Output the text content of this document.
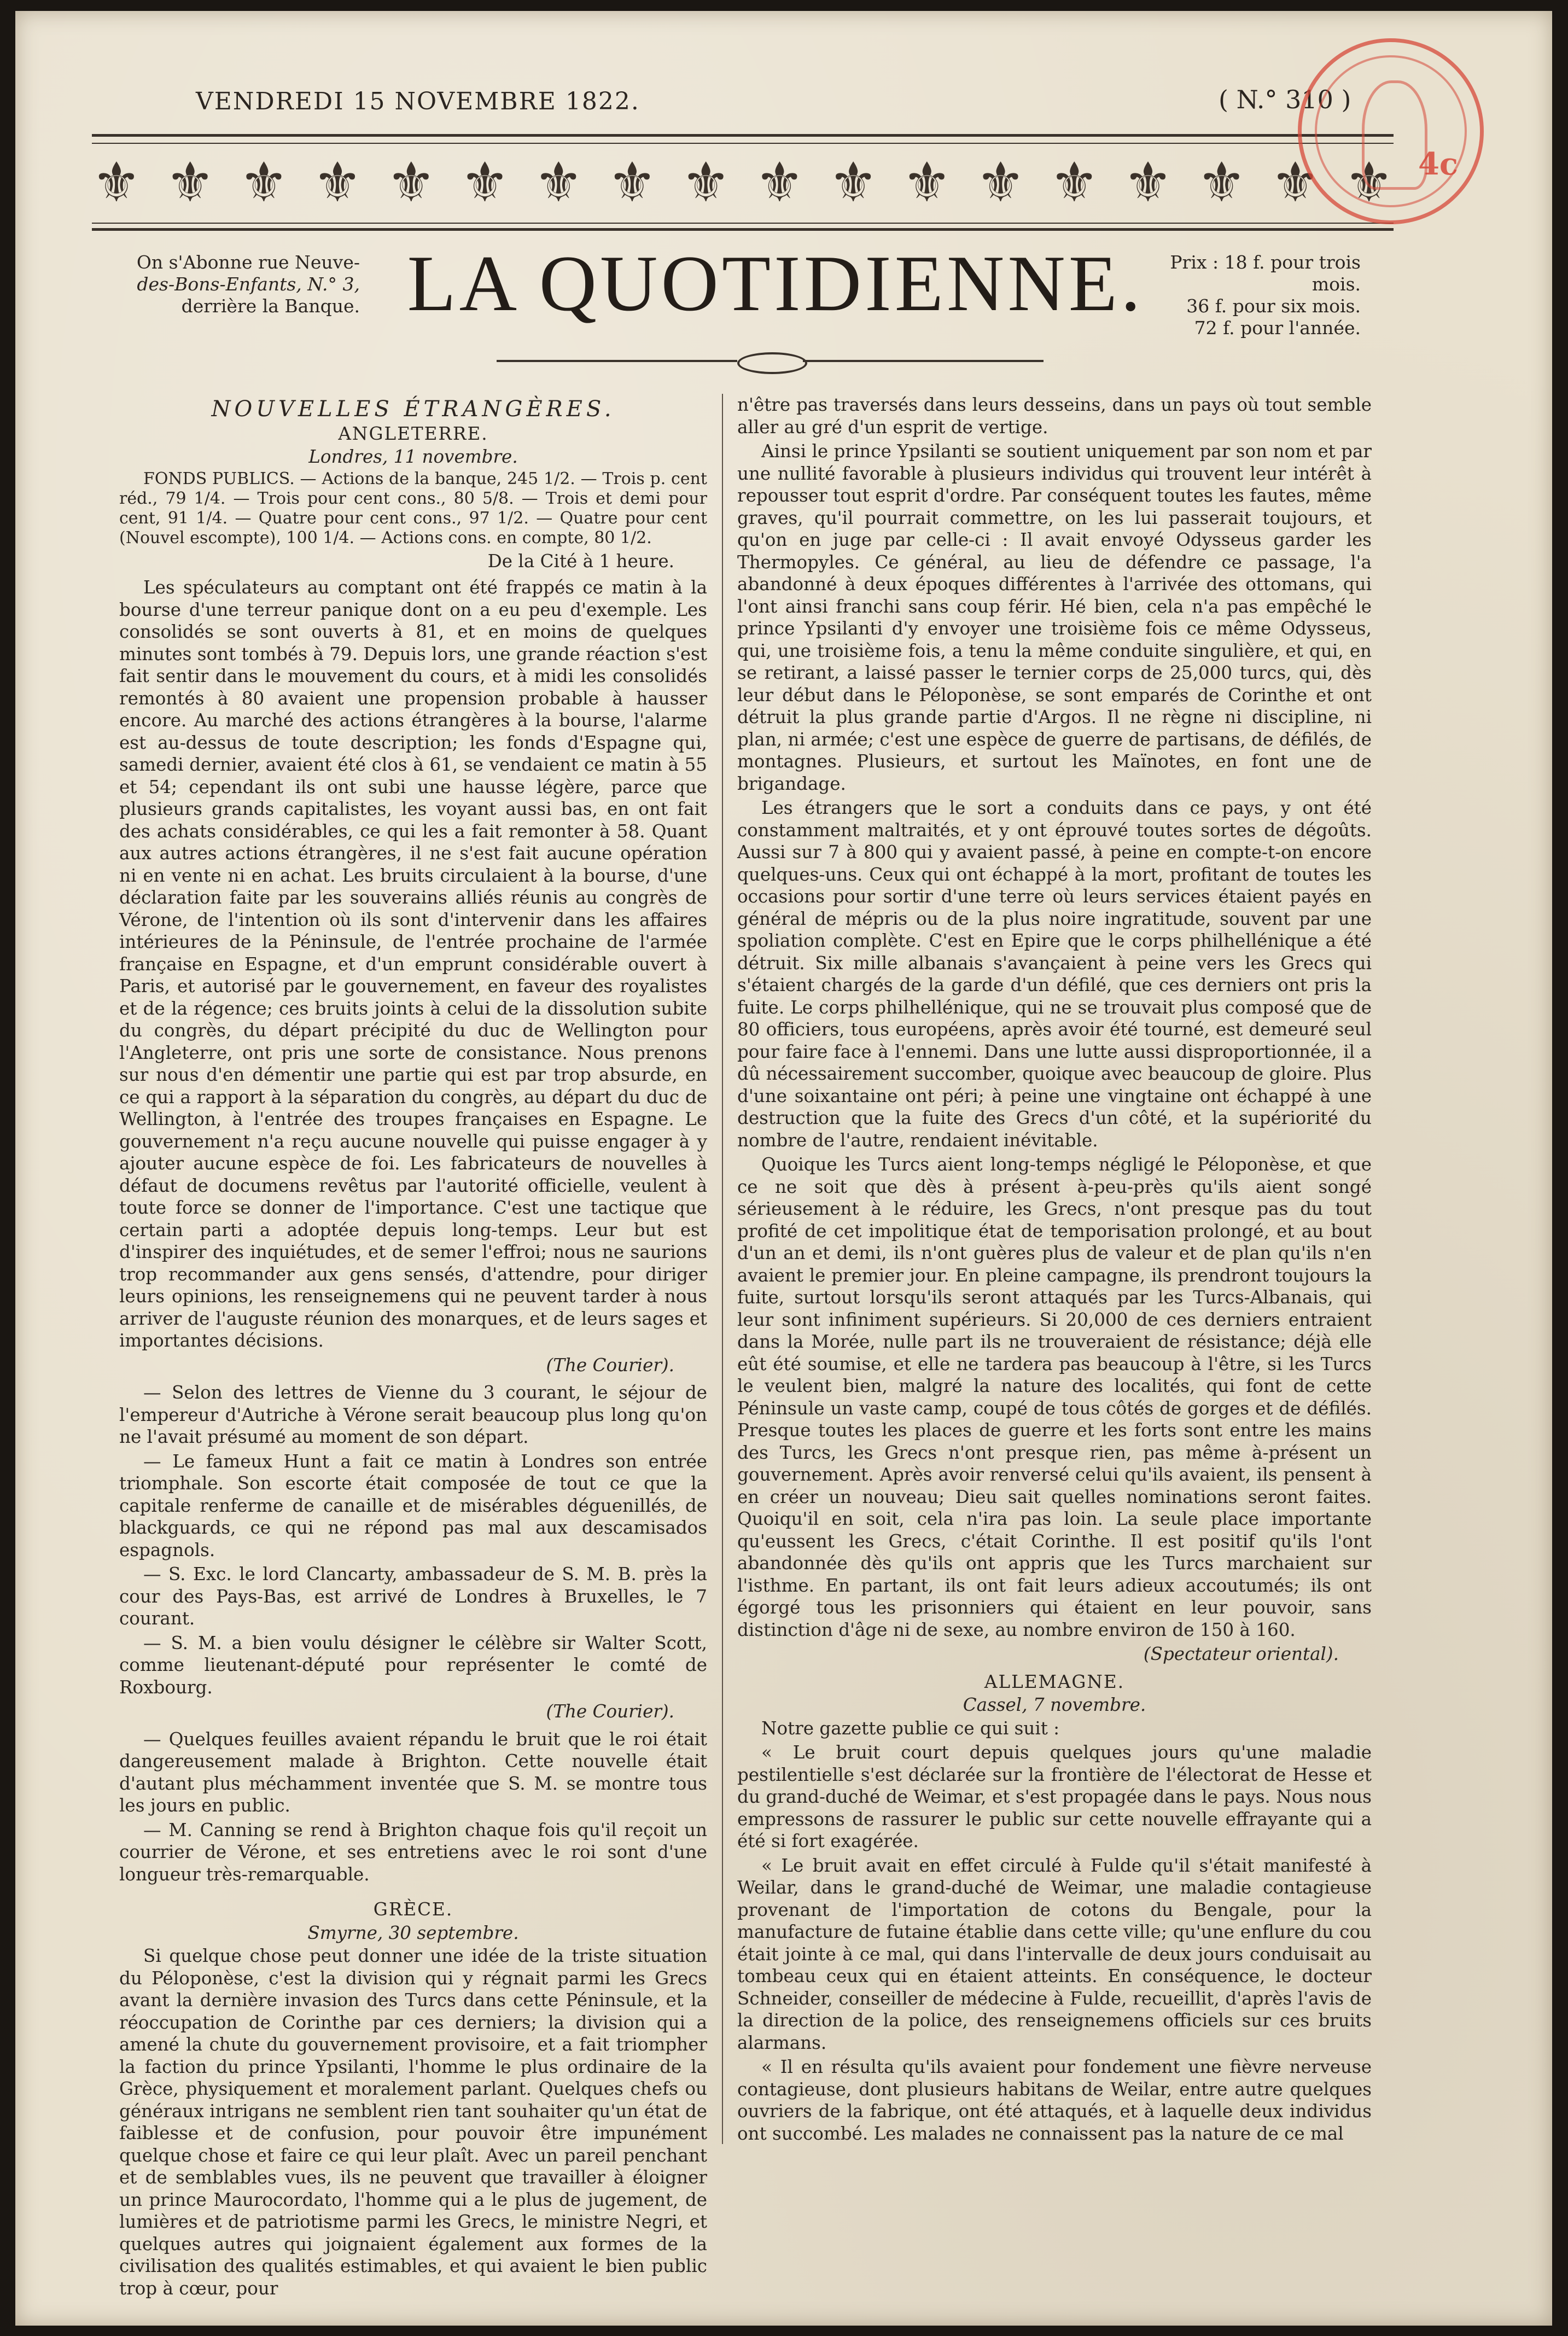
VENDREDI 15 NOVEMBRE 1822.	( N.° 310 )
⚜ ⚜ ⚜ ⚜ ⚜ ⚜ ⚜ ⚜ ⚜ ⚜ ⚜ ⚜ ⚜ ⚜ ⚜ ⚜ ⚜ ⚜ 4c
On s'Abonne rue Neuve-
des-Bons-Enfants, N.° 3,
derrière la Banque. LA QUOTIDIENNE.	Prix : 18 f. pour trois mois.
36 f. pour six mois.
72 f. pour l'année.
NOUVELLES ÉTRANGÈRES.
ANGLETERRE.
Londres, 11 novembre.

FONDS PUBLICS. — Actions de la banque, 245 1/2. — Trois p. cent réd., 79 1/4. — Trois pour cent cons., 80 5/8. — Trois et demi pour cent, 91 1/4. — Quatre pour cent cons., 97 1/2. — Quatre pour cent (Nouvel escompte), 100 1/4. — Actions cons. en compte, 80 1/2.

De la Cité à 1 heure.

Les spéculateurs au comptant ont été frappés ce matin à la bourse d'une terreur panique dont on a eu peu d'exemple. Les consolidés se sont ouverts à 81, et en moins de quelques minutes sont tombés à 79. Depuis lors, une grande réaction s'est fait sentir dans le mouvement du cours, et à midi les consolidés remontés à 80 avaient une propension probable à hausser encore. Au marché des actions étrangères à la bourse, l'alarme est au-dessus de toute description; les fonds d'Espagne qui, samedi dernier, avaient été clos à 61, se vendaient ce matin à 55 et 54; cependant ils ont subi une hausse légère, parce que plusieurs grands capitalistes, les voyant aussi bas, en ont fait des achats considérables, ce qui les a fait remonter à 58. Quant aux autres actions étrangères, il ne s'est fait aucune opération ni en vente ni en achat. Les bruits circulaient à la bourse, d'une déclaration faite par les souverains alliés réunis au congrès de Vérone, de l'intention où ils sont d'intervenir dans les affaires intérieures de la Péninsule, de l'entrée prochaine de l'armée française en Espagne, et d'un emprunt considérable ouvert à Paris, et autorisé par le gouvernement, en faveur des royalistes et de la régence; ces bruits joints à celui de la dissolution subite du congrès, du départ précipité du duc de Wellington pour l'Angleterre, ont pris une sorte de consistance. Nous prenons sur nous d'en démentir une partie qui est par trop absurde, en ce qui a rapport à la séparation du congrès, au départ du duc de Wellington, à l'entrée des troupes françaises en Espagne. Le gouvernement n'a reçu aucune nouvelle qui puisse engager à y ajouter aucune espèce de foi. Les fabricateurs de nouvelles à défaut de documens revêtus par l'autorité officielle, veulent à toute force se donner de l'importance. C'est une tactique que certain parti a adoptée depuis long-temps. Leur but est d'inspirer des inquiétudes, et de semer l'effroi; nous ne saurions trop recommander aux gens sensés, d'attendre, pour diriger leurs opinions, les renseignemens qui ne peuvent tarder à nous arriver de l'auguste réunion des monarques, et de leurs sages et importantes décisions.

(The Courier).

— Selon des lettres de Vienne du 3 courant, le séjour de l'empereur d'Autriche à Vérone serait beaucoup plus long qu'on ne l'avait présumé au moment de son départ.

— Le fameux Hunt a fait ce matin à Londres son entrée triomphale. Son escorte était composée de tout ce que la capitale renferme de canaille et de misérables déguenillés, de blackguards, ce qui ne répond pas mal aux descamisados espagnols.

— S. Exc. le lord Clancarty, ambassadeur de S. M. B. près la cour des Pays-Bas, est arrivé de Londres à Bruxelles, le 7 courant.

— S. M. a bien voulu désigner le célèbre sir Walter Scott, comme lieutenant-député pour représenter le comté de Roxbourg.

(The Courier).

— Quelques feuilles avaient répandu le bruit que le roi était dangereusement malade à Brighton. Cette nouvelle était d'autant plus méchamment inventée que S. M. se montre tous les jours en public.

— M. Canning se rend à Brighton chaque fois qu'il reçoit un courrier de Vérone, et ses entretiens avec le roi sont d'une longueur très-remarquable.

GRÈCE.
Smyrne, 30 septembre.

Si quelque chose peut donner une idée de la triste situation du Péloponèse, c'est la division qui y régnait parmi les Grecs avant la dernière invasion des Turcs dans cette Péninsule, et la réoccupation de Corinthe par ces derniers; la division qui a amené la chute du gouvernement provisoire, et a fait triompher la faction du prince Ypsilanti, l'homme le plus ordinaire de la Grèce, physiquement et moralement parlant. Quelques chefs ou généraux intrigans ne semblent rien tant souhaiter qu'un état de faiblesse et de confusion, pour pouvoir être impunément quelque chose et faire ce qui leur plaît. Avec un pareil penchant et de semblables vues, ils ne peuvent que travailler à éloigner un prince Maurocordato, l'homme qui a le plus de jugement, de lumières et de patriotisme parmi les Grecs, le ministre Negri, et quelques autres qui joignaient également aux formes de la civilisation des qualités estimables, et qui avaient le bien public trop à cœur, pour

n'être pas traversés dans leurs desseins, dans un pays où tout semble aller au gré d'un esprit de vertige.

Ainsi le prince Ypsilanti se soutient uniquement par son nom et par une nullité favorable à plusieurs individus qui trouvent leur intérêt à repousser tout esprit d'ordre. Par conséquent toutes les fautes, même graves, qu'il pourrait commettre, on les lui passerait toujours, et qu'on en juge par celle-ci : Il avait envoyé Odysseus garder les Thermopyles. Ce général, au lieu de défendre ce passage, l'a abandonné à deux époques différentes à l'arrivée des ottomans, qui l'ont ainsi franchi sans coup férir. Hé bien, cela n'a pas empêché le prince Ypsilanti d'y envoyer une troisième fois ce même Odysseus, qui, une troisième fois, a tenu la même conduite singulière, et qui, en se retirant, a laissé passer le ternier corps de 25,000 turcs, qui, dès leur début dans le Péloponèse, se sont emparés de Corinthe et ont détruit la plus grande partie d'Argos. Il ne règne ni discipline, ni plan, ni armée; c'est une espèce de guerre de partisans, de défilés, de montagnes. Plusieurs, et surtout les Maïnotes, en font une de brigandage.

Les étrangers que le sort a conduits dans ce pays, y ont été constamment maltraités, et y ont éprouvé toutes sortes de dégoûts. Aussi sur 7 à 800 qui y avaient passé, à peine en compte-t-on encore quelques-uns. Ceux qui ont échappé à la mort, profitant de toutes les occasions pour sortir d'une terre où leurs services étaient payés en général de mépris ou de la plus noire ingratitude, souvent par une spoliation complète. C'est en Epire que le corps philhellénique a été détruit. Six mille albanais s'avançaient à peine vers les Grecs qui s'étaient chargés de la garde d'un défilé, que ces derniers ont pris la fuite. Le corps philhellénique, qui ne se trouvait plus composé que de 80 officiers, tous européens, après avoir été tourné, est demeuré seul pour faire face à l'ennemi. Dans une lutte aussi disproportionnée, il a dû nécessairement succomber, quoique avec beaucoup de gloire. Plus d'une soixantaine ont péri; à peine une vingtaine ont échappé à une destruction que la fuite des Grecs d'un côté, et la supériorité du nombre de l'autre, rendaient inévitable.

Quoique les Turcs aient long-temps négligé le Péloponèse, et que ce ne soit que dès à présent à-peu-près qu'ils aient songé sérieusement à le réduire, les Grecs, n'ont presque pas du tout profité de cet impolitique état de temporisation prolongé, et au bout d'un an et demi, ils n'ont guères plus de valeur et de plan qu'ils n'en avaient le premier jour. En pleine campagne, ils prendront toujours la fuite, surtout lorsqu'ils seront attaqués par les Turcs-Albanais, qui leur sont infiniment supérieurs. Si 20,000 de ces derniers entraient dans la Morée, nulle part ils ne trouveraient de résistance; déjà elle eût été soumise, et elle ne tardera pas beaucoup à l'être, si les Turcs le veulent bien, malgré la nature des localités, qui font de cette Péninsule un vaste camp, coupé de tous côtés de gorges et de défilés. Presque toutes les places de guerre et les forts sont entre les mains des Turcs, les Grecs n'ont presque rien, pas même à-présent un gouvernement. Après avoir renversé celui qu'ils avaient, ils pensent à en créer un nouveau; Dieu sait quelles nominations seront faites. Quoiqu'il en soit, cela n'ira pas loin. La seule place importante qu'eussent les Grecs, c'était Corinthe. Il est positif qu'ils l'ont abandonnée dès qu'ils ont appris que les Turcs marchaient sur l'isthme. En partant, ils ont fait leurs adieux accoutumés; ils ont égorgé tous les prisonniers qui étaient en leur pouvoir, sans distinction d'âge ni de sexe, au nombre environ de 150 à 160.

(Spectateur oriental).
ALLEMAGNE.
Cassel, 7 novembre.

Notre gazette publie ce qui suit :

« Le bruit court depuis quelques jours qu'une maladie pestilentielle s'est déclarée sur la frontière de l'électorat de Hesse et du grand-duché de Weimar, et s'est propagée dans le pays. Nous nous empressons de rassurer le public sur cette nouvelle effrayante qui a été si fort exagérée.

« Le bruit avait en effet circulé à Fulde qu'il s'était manifesté à Weilar, dans le grand-duché de Weimar, une maladie contagieuse provenant de l'importation de cotons du Bengale, pour la manufacture de futaine établie dans cette ville; qu'une enflure du cou était jointe à ce mal, qui dans l'intervalle de deux jours conduisait au tombeau ceux qui en étaient atteints. En conséquence, le docteur Schneider, conseiller de médecine à Fulde, recueillit, d'après l'avis de la direction de la police, des renseignemens officiels sur ces bruits alarmans.

« Il en résulta qu'ils avaient pour fondement une fièvre nerveuse contagieuse, dont plusieurs habitans de Weilar, entre autre quelques ouvriers de la fabrique, ont été attaqués, et à laquelle deux individus ont succombé. Les malades ne connaissent pas la nature de ce mal
